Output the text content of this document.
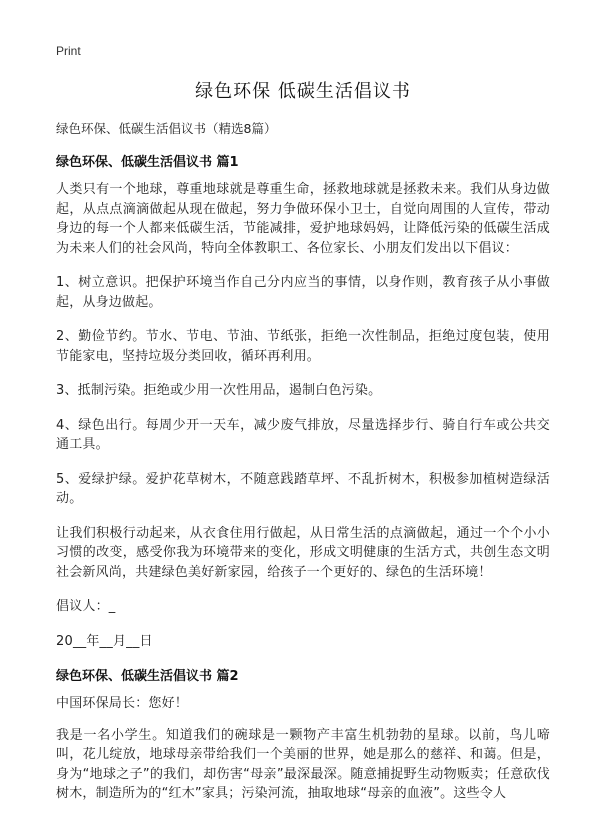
Print
绿色环保 低碳生活倡议书
绿色环保、低碳生活倡议书（精选8篇）
绿色环保、低碳生活倡议书 篇1

人类只有一个地球，尊重地球就是尊重生命，拯救地球就是拯救未来。我们从身边做起，从点点滴滴做起从现在做起，努力争做环保小卫士，自觉向周围的人宣传，带动身边的每一个人都来低碳生活，节能减排，爱护地球妈妈，让降低污染的低碳生活成为未来人们的社会风尚，特向全体教职工、各位家长、小朋友们发出以下倡议：

1、树立意识。把保护环境当作自己分内应当的事情，以身作则，教育孩子从小事做起，从身边做起。

2、勤俭节约。节水、节电、节油、节纸张，拒绝一次性制品，拒绝过度包装，使用节能家电，坚持垃圾分类回收，循环再利用。

3、抵制污染。拒绝或少用一次性用品，遏制白色污染。

4、绿色出行。每周少开一天车，减少废气排放，尽量选择步行、骑自行车或公共交通工具。

5、爱绿护绿。爱护花草树木，不随意践踏草坪、不乱折树木，积极参加植树造绿活动。

让我们积极行动起来，从衣食住用行做起，从日常生活的点滴做起，通过一个个小小习惯的改变，感受你我为环境带来的变化，形成文明健康的生活方式，共创生态文明社会新风尚，共建绿色美好新家园，给孩子一个更好的、绿色的生活环境！

倡议人：_

20__年__月__日

绿色环保、低碳生活倡议书 篇2

中国环保局长：您好！

我是一名小学生。知道我们的碗球是一颗物产丰富生机勃勃的星球。以前，鸟儿啼叫，花儿绽放，地球母亲带给我们一个美丽的世界，她是那么的慈祥、和蔼。但是，身为“地球之子”的我们，却伤害“母亲”最深最深。随意捕捉野生动物贩卖；任意砍伐树木，制造所为的“红木”家具；污染河流，抽取地球“母亲的血液”。这些令人
